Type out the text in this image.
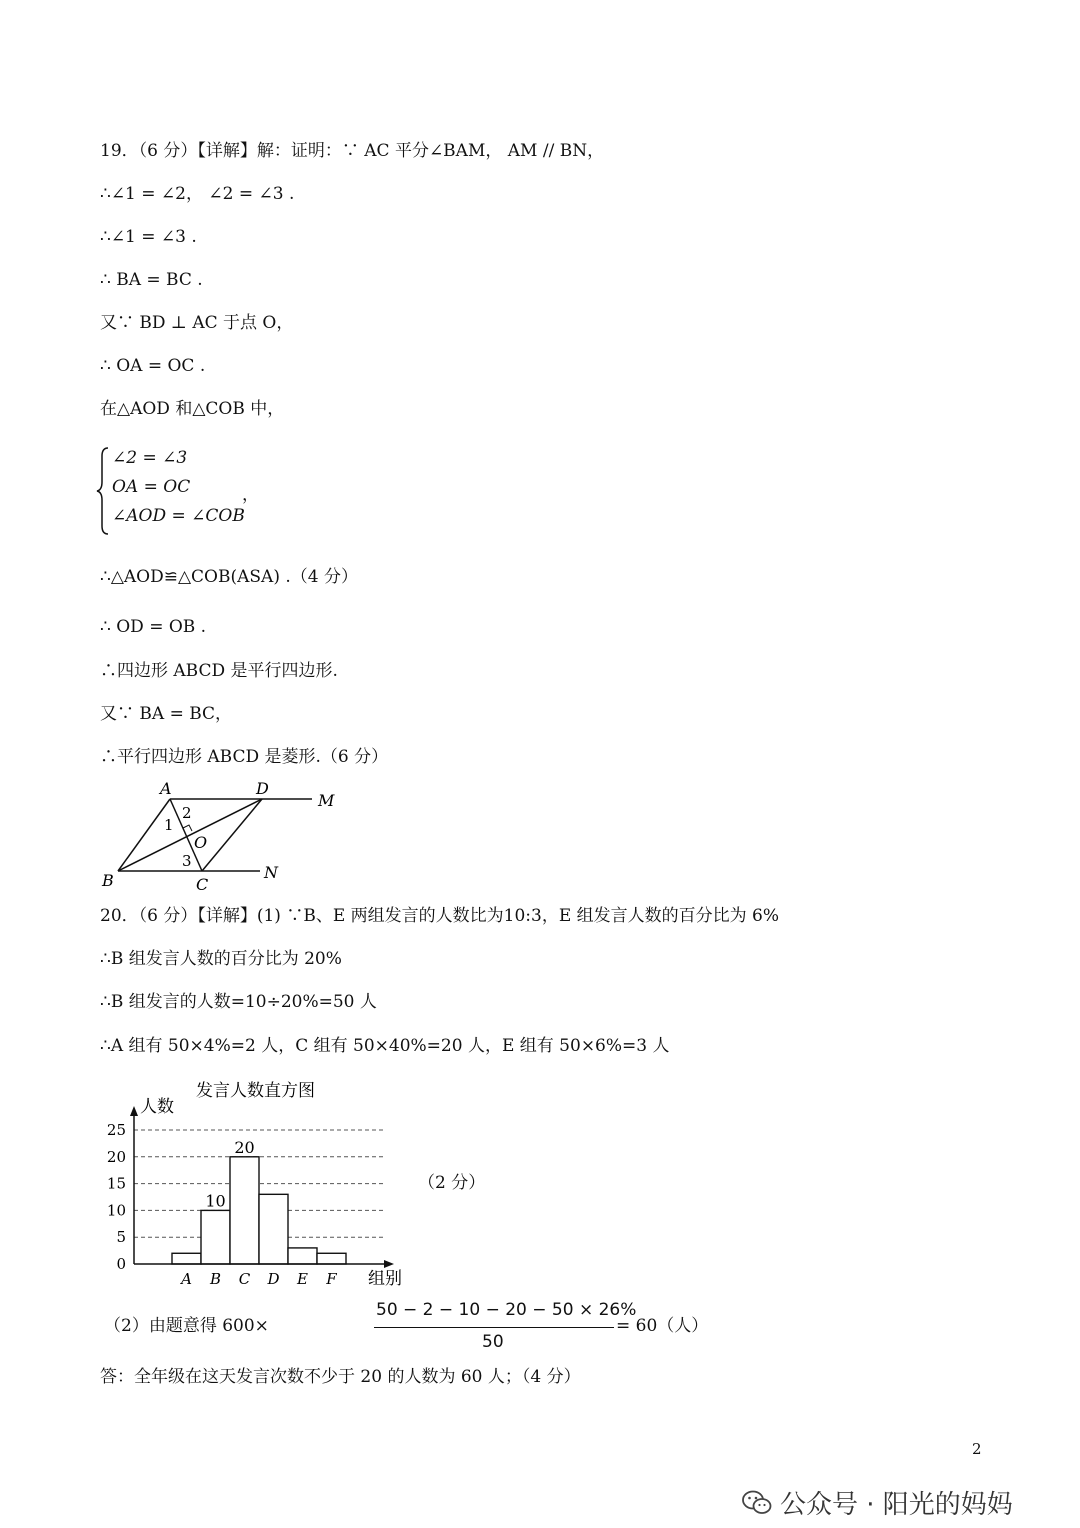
19．（6 分）【详解】解：证明：∵ AC 平分∠BAM， AM // BN，
∴∠1 = ∠2， ∠2 = ∠3 .
∴∠1 = ∠3 .
∴ BA = BC .
又∵ BD ⊥ AC 于点 O，
∴ OA = OC .
在△AOD 和△COB 中，
∠2 = ∠3
OA = OC
∠AOD = ∠COB
，
∴△AOD≌△COB(ASA) .（4 分）
∴ OD = OB .
∴四边形 ABCD 是平行四边形.
又∵ BA = BC，
∴平行四边形 ABCD 是菱形.（6 分）
A	D
M
B	C
N
O
1
2
3
20．（6 分）【详解】(1) ∵B、E 两组发言的人数比为10:3，E 组发言人数的百分比为 6%
∴B 组发言人数的百分比为 20%
∴B 组发言的人数=10÷20%=50 人
∴A 组有 50×4%=2 人，C 组有 50×40%=20 人，E 组有 50×6%=3 人
发言人数直方图
人数
组别
0
5
10
15
20
25
A B C D E F
10
20
（2 分）
（2）由题意得 600×
50 − 2 − 10 − 20 − 50 × 26%
50
= 60（人）
答：全年级在这天发言次数不少于 20 的人数为 60 人；（4 分）
2
公众号 · 阳光的妈妈
